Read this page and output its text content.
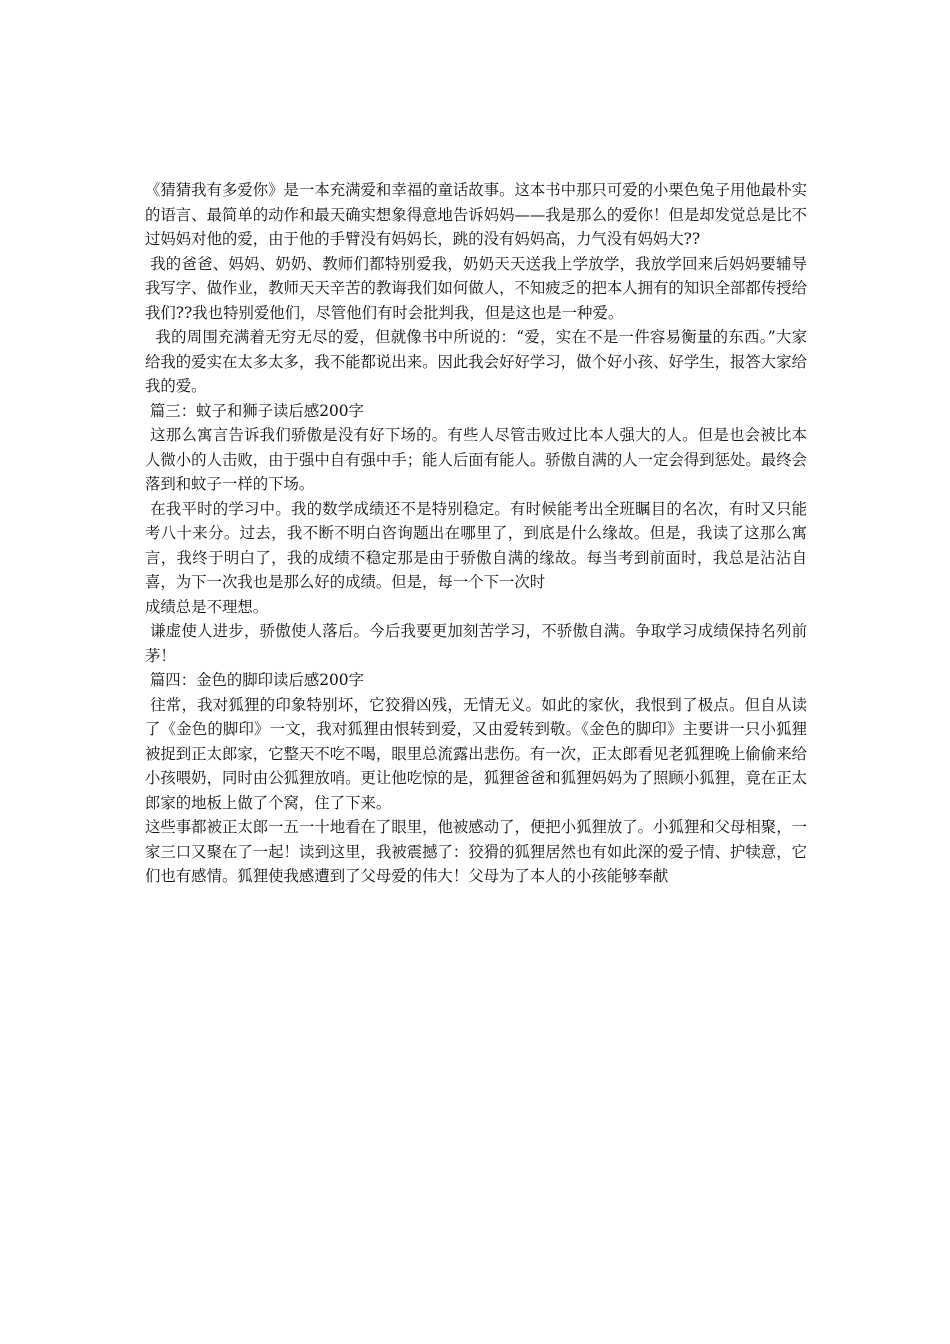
《猜猜我有多爱你》是一本充满爱和幸福的童话故事。这本书中那只可爱的小栗色兔子用他最朴实的语言、最简单的动作和最天确实想象得意地告诉妈妈——我是那么的爱你！但是却发觉总是比不过妈妈对他的爱，由于他的手臂没有妈妈长，跳的没有妈妈高，力气没有妈妈大??

我的爸爸、妈妈、奶奶、教师们都特别爱我，奶奶天天送我上学放学，我放学回来后妈妈要辅导我写字、做作业，教师天天辛苦的教诲我们如何做人，不知疲乏的把本人拥有的知识全部都传授给我们??我也特别爱他们，尽管他们有时会批判我，但是这也是一种爱。

我的周围充满着无穷无尽的爱，但就像书中所说的：“爱，实在不是一件容易衡量的东西。”大家给我的爱实在太多太多，我不能都说出来。因此我会好好学习，做个好小孩、好学生，报答大家给我的爱。

篇三：蚊子和狮子读后感200字

这那么寓言告诉我们骄傲是没有好下场的。有些人尽管击败过比本人强大的人。但是也会被比本人微小的人击败，由于强中自有强中手；能人后面有能人。骄傲自满的人一定会得到惩处。最终会落到和蚊子一样的下场。

在我平时的学习中。我的数学成绩还不是特别稳定。有时候能考出全班瞩目的名次，有时又只能考八十来分。过去，我不断不明白咨询题出在哪里了，到底是什么缘故。但是，我读了这那么寓言，我终于明白了，我的成绩不稳定那是由于骄傲自满的缘故。每当考到前面时，我总是沾沾自喜，为下一次我也是那么好的成绩。但是，每一个下一次时

成绩总是不理想。

谦虚使人进步，骄傲使人落后。今后我要更加刻苦学习，不骄傲自满。争取学习成绩保持名列前茅！

篇四：金色的脚印读后感200字

往常，我对狐狸的印象特别坏，它狡猾凶残，无情无义。如此的家伙，我恨到了极点。但自从读了《金色的脚印》一文，我对狐狸由恨转到爱，又由爱转到敬。《金色的脚印》主要讲一只小狐狸被捉到正太郎家，它整天不吃不喝，眼里总流露出悲伤。有一次，正太郎看见老狐狸晚上偷偷来给小孩喂奶，同时由公狐狸放哨。更让他吃惊的是，狐狸爸爸和狐狸妈妈为了照顾小狐狸，竟在正太郎家的地板上做了个窝，住了下来。

这些事都被正太郎一五一十地看在了眼里，他被感动了，便把小狐狸放了。小狐狸和父母相聚，一家三口又聚在了一起！读到这里，我被震撼了：狡猾的狐狸居然也有如此深的爱子情、护犊意，它们也有感情。狐狸使我感遭到了父母爱的伟大！父母为了本人的小孩能够奉献
